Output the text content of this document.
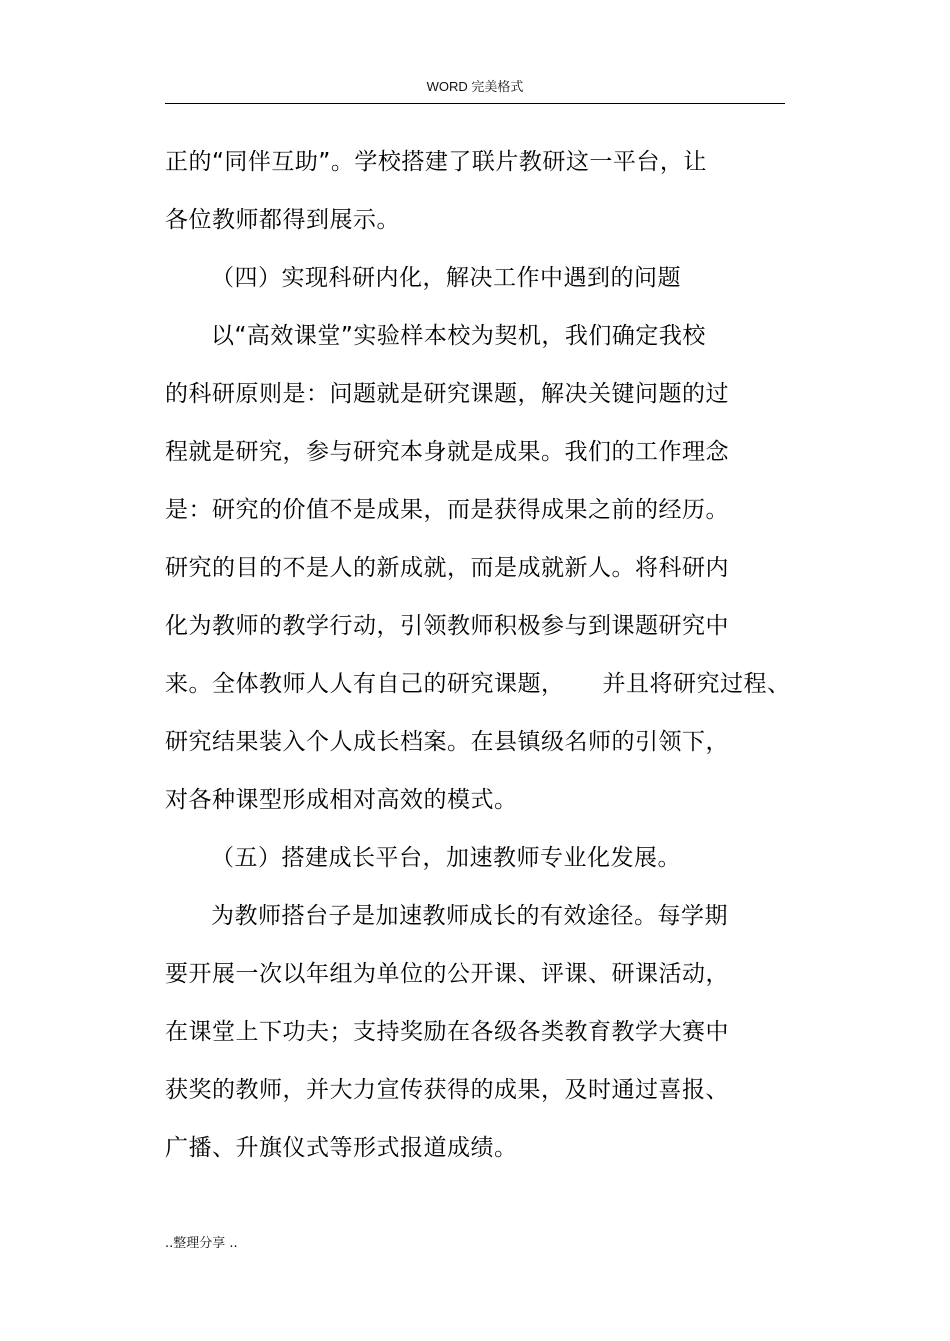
WORD 完美格式
正的“同伴互助”。学校搭建了联片教研这一平台，让
各位教师都得到展示。
（四）实现科研内化，解决工作中遇到的问题
以“高效课堂”实验样本校为契机，我们确定我校
的科研原则是：问题就是研究课题，解决关键问题的过
程就是研究，参与研究本身就是成果。我们的工作理念
是：研究的价值不是成果，而是获得成果之前的经历。
研究的目的不是人的新成就，而是成就新人。将科研内
化为教师的教学行动，引领教师积极参与到课题研究中
来。全体教师人人有自己的研究课题， 并且将研究过程、
研究结果装入个人成长档案。在县镇级名师的引领下，
对各种课型形成相对高效的模式。
（五）搭建成长平台，加速教师专业化发展。
为教师搭台子是加速教师成长的有效途径。每学期
要开展一次以年组为单位的公开课、评课、研课活动，
在课堂上下功夫；支持奖励在各级各类教育教学大赛中
获奖的教师，并大力宣传获得的成果，及时通过喜报、
广播、升旗仪式等形式报道成绩。
..整理分享 ..
